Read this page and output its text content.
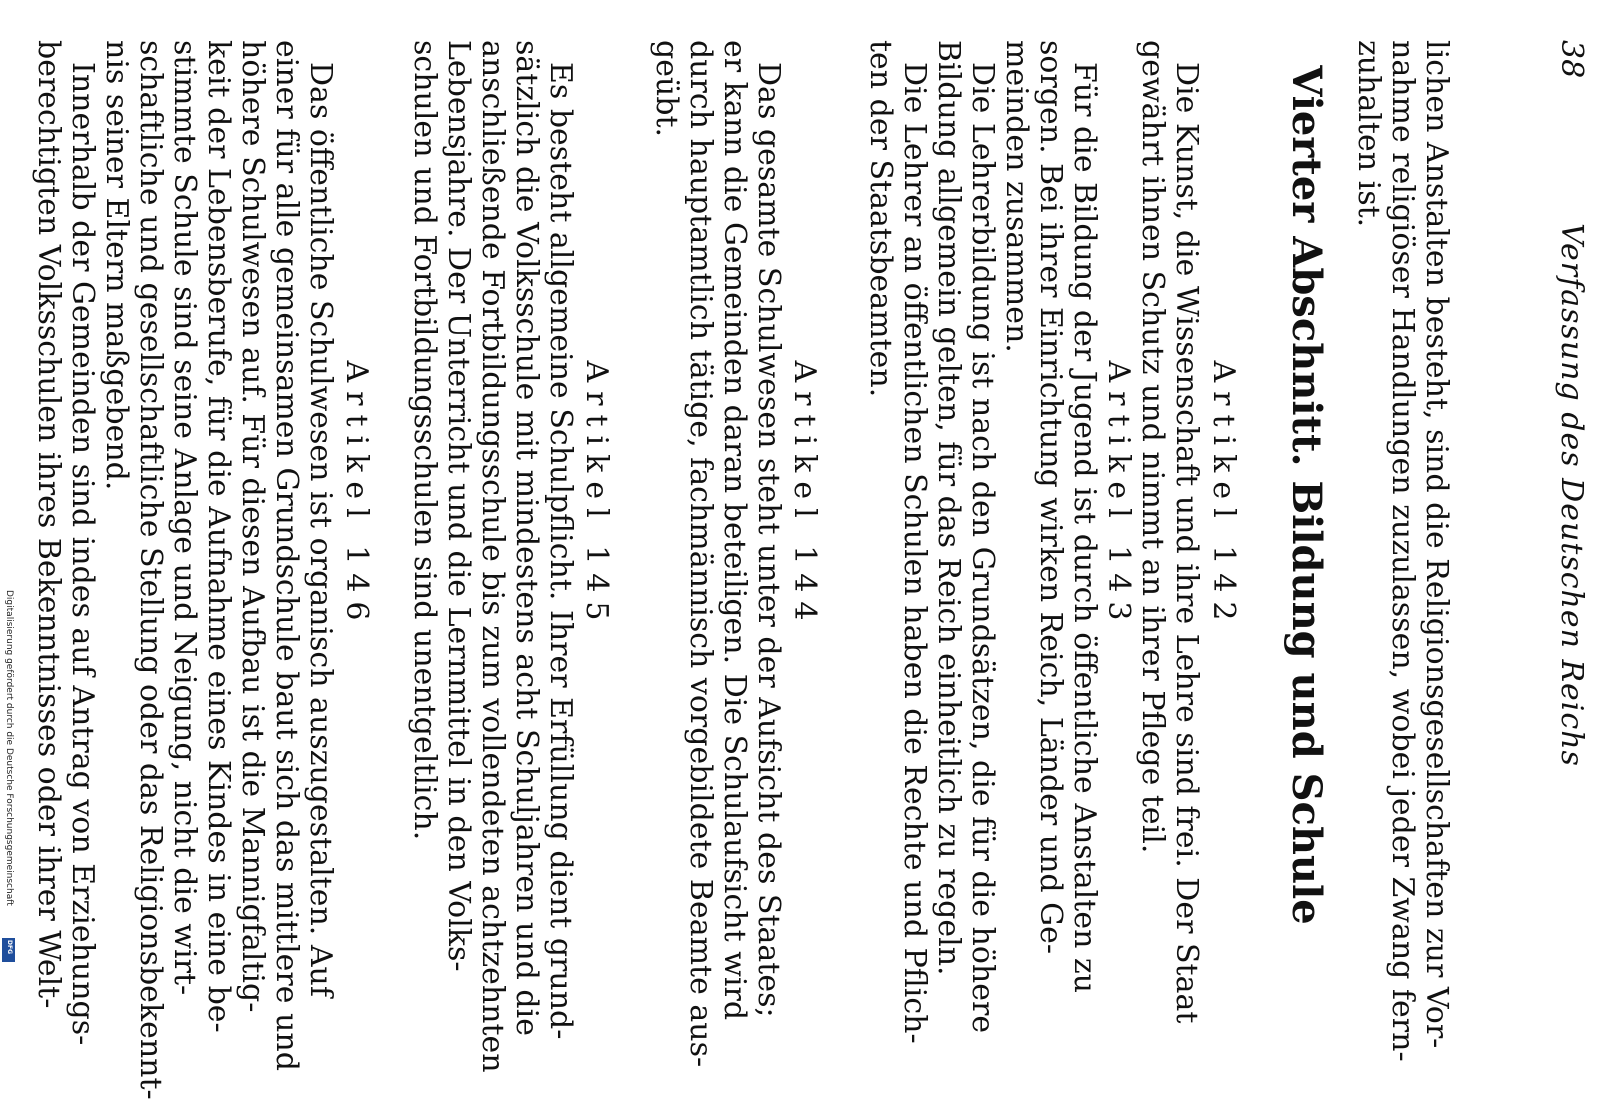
38
Verfassung des Deutschen Reichs
lichen Anstalten besteht, sind die Religionsgesellschaften zur Vor-
nahme religiöser Handlungen zuzulassen, wobei jeder Zwang fern-
zuhalten ist.
Vierter Abschnitt. Bildung und Schule
Artikel 142
Die Kunst, die Wissenschaft und ihre Lehre sind frei. Der Staat
gewährt ihnen Schutz und nimmt an ihrer Pflege teil.
Artikel 143
Für die Bildung der Jugend ist durch öffentliche Anstalten zu
sorgen. Bei ihrer Einrichtung wirken Reich, Länder und Ge-
meinden zusammen.
Die Lehrerbildung ist nach den Grundsätzen, die für die höhere
Bildung allgemein gelten, für das Reich einheitlich zu regeln.
Die Lehrer an öffentlichen Schulen haben die Rechte und Pflich-
ten der Staatsbeamten.
Artikel 144
Das gesamte Schulwesen steht unter der Aufsicht des Staates;
er kann die Gemeinden daran beteiligen. Die Schulaufsicht wird
durch hauptamtlich tätige, fachmännisch vorgebildete Beamte aus-
geübt.
Artikel 145
Es besteht allgemeine Schulpflicht. Ihrer Erfüllung dient grund-
sätzlich die Volksschule mit mindestens acht Schuljahren und die
anschließende Fortbildungsschule bis zum vollendeten achtzehnten
Lebensjahre. Der Unterricht und die Lernmittel in den Volks-
schulen und Fortbildungsschulen sind unentgeltlich.
Artikel 146
Das öffentliche Schulwesen ist organisch auszugestalten. Auf
einer für alle gemeinsamen Grundschule baut sich das mittlere und
höhere Schulwesen auf. Für diesen Aufbau ist die Mannigfaltig-
keit der Lebensberufe, für die Aufnahme eines Kindes in eine be-
stimmte Schule sind seine Anlage und Neigung, nicht die wirt-
schaftliche und gesellschaftliche Stellung oder das Religionsbekennt-
nis seiner Eltern maßgebend.
Innerhalb der Gemeinden sind indes auf Antrag von Erziehungs-
berechtigten Volksschulen ihres Bekenntnisses oder ihrer Welt-
Digitalisierung gefördert durch die Deutsche Forschungsgemeinschaft
DFG
